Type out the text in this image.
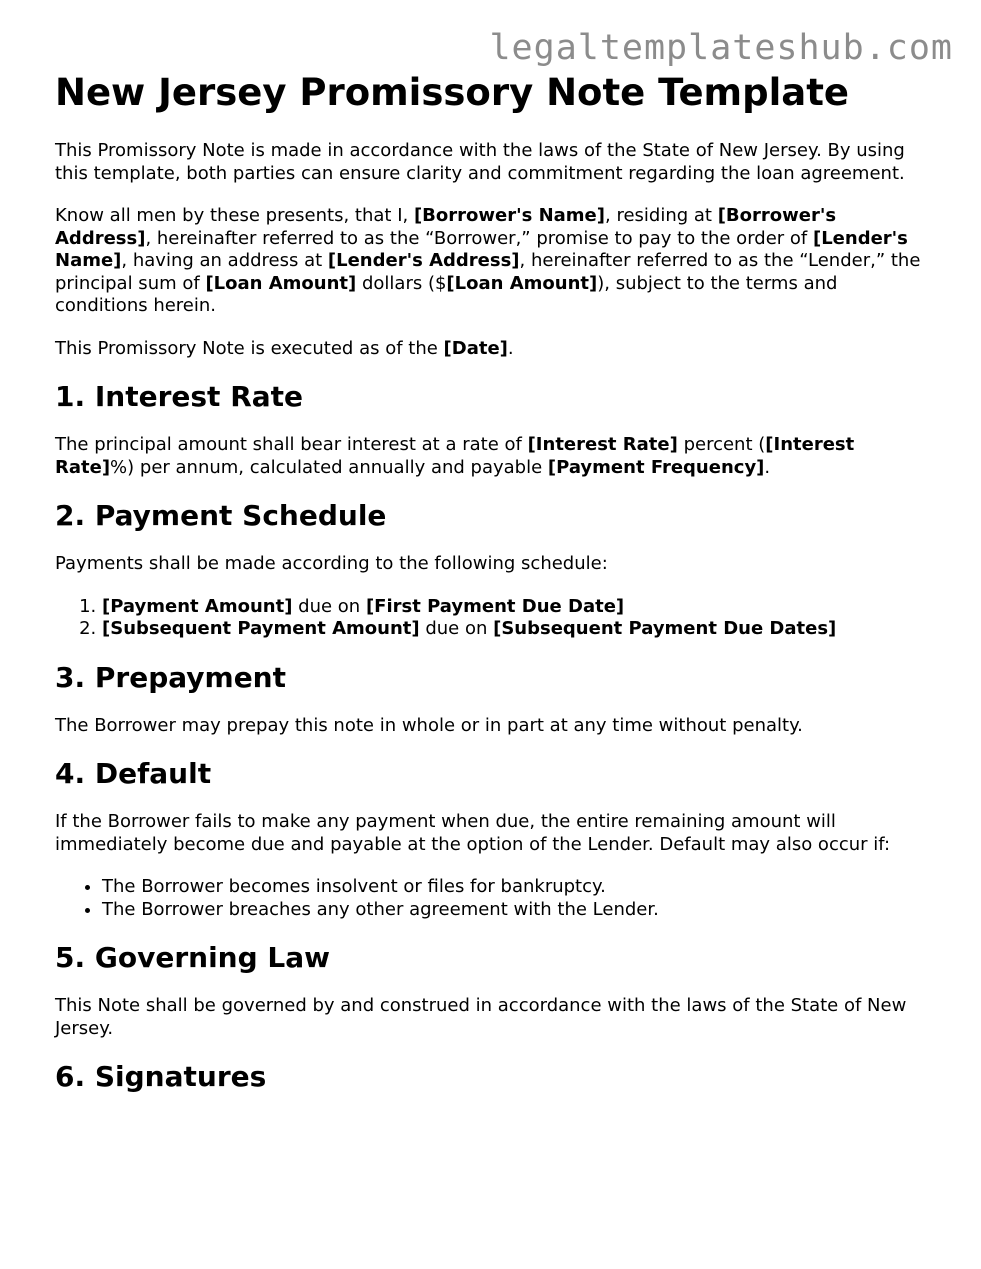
legaltemplateshub.com
New Jersey Promissory Note Template

This Promissory Note is made in accordance with the laws of the State of New Jersey. By using this template, both parties can ensure clarity and commitment regarding the loan agreement.

Know all men by these presents, that I, [Borrower's Name], residing at [Borrower's Address], hereinafter referred to as the “Borrower,” promise to pay to the order of [Lender's Name], having an address at [Lender's Address], hereinafter referred to as the “Lender,” the principal sum of [Loan Amount] dollars ($[Loan Amount]), subject to the terms and conditions herein.

This Promissory Note is executed as of the [Date].

1. Interest Rate

The principal amount shall bear interest at a rate of [Interest Rate] percent ([Interest Rate]%) per annum, calculated annually and payable [Payment Frequency].

2. Payment Schedule

Payments shall be made according to the following schedule:

1. [Payment Amount] due on [First Payment Due Date]
2. [Subsequent Payment Amount] due on [Subsequent Payment Due Dates]
3. Prepayment

The Borrower may prepay this note in whole or in part at any time without penalty.

4. Default

If the Borrower fails to make any payment when due, the entire remaining amount will immediately become due and payable at the option of the Lender. Default may also occur if:

• The Borrower becomes insolvent or files for bankruptcy.
• The Borrower breaches any other agreement with the Lender.
5. Governing Law

This Note shall be governed by and construed in accordance with the laws of the State of New Jersey.

6. Signatures
